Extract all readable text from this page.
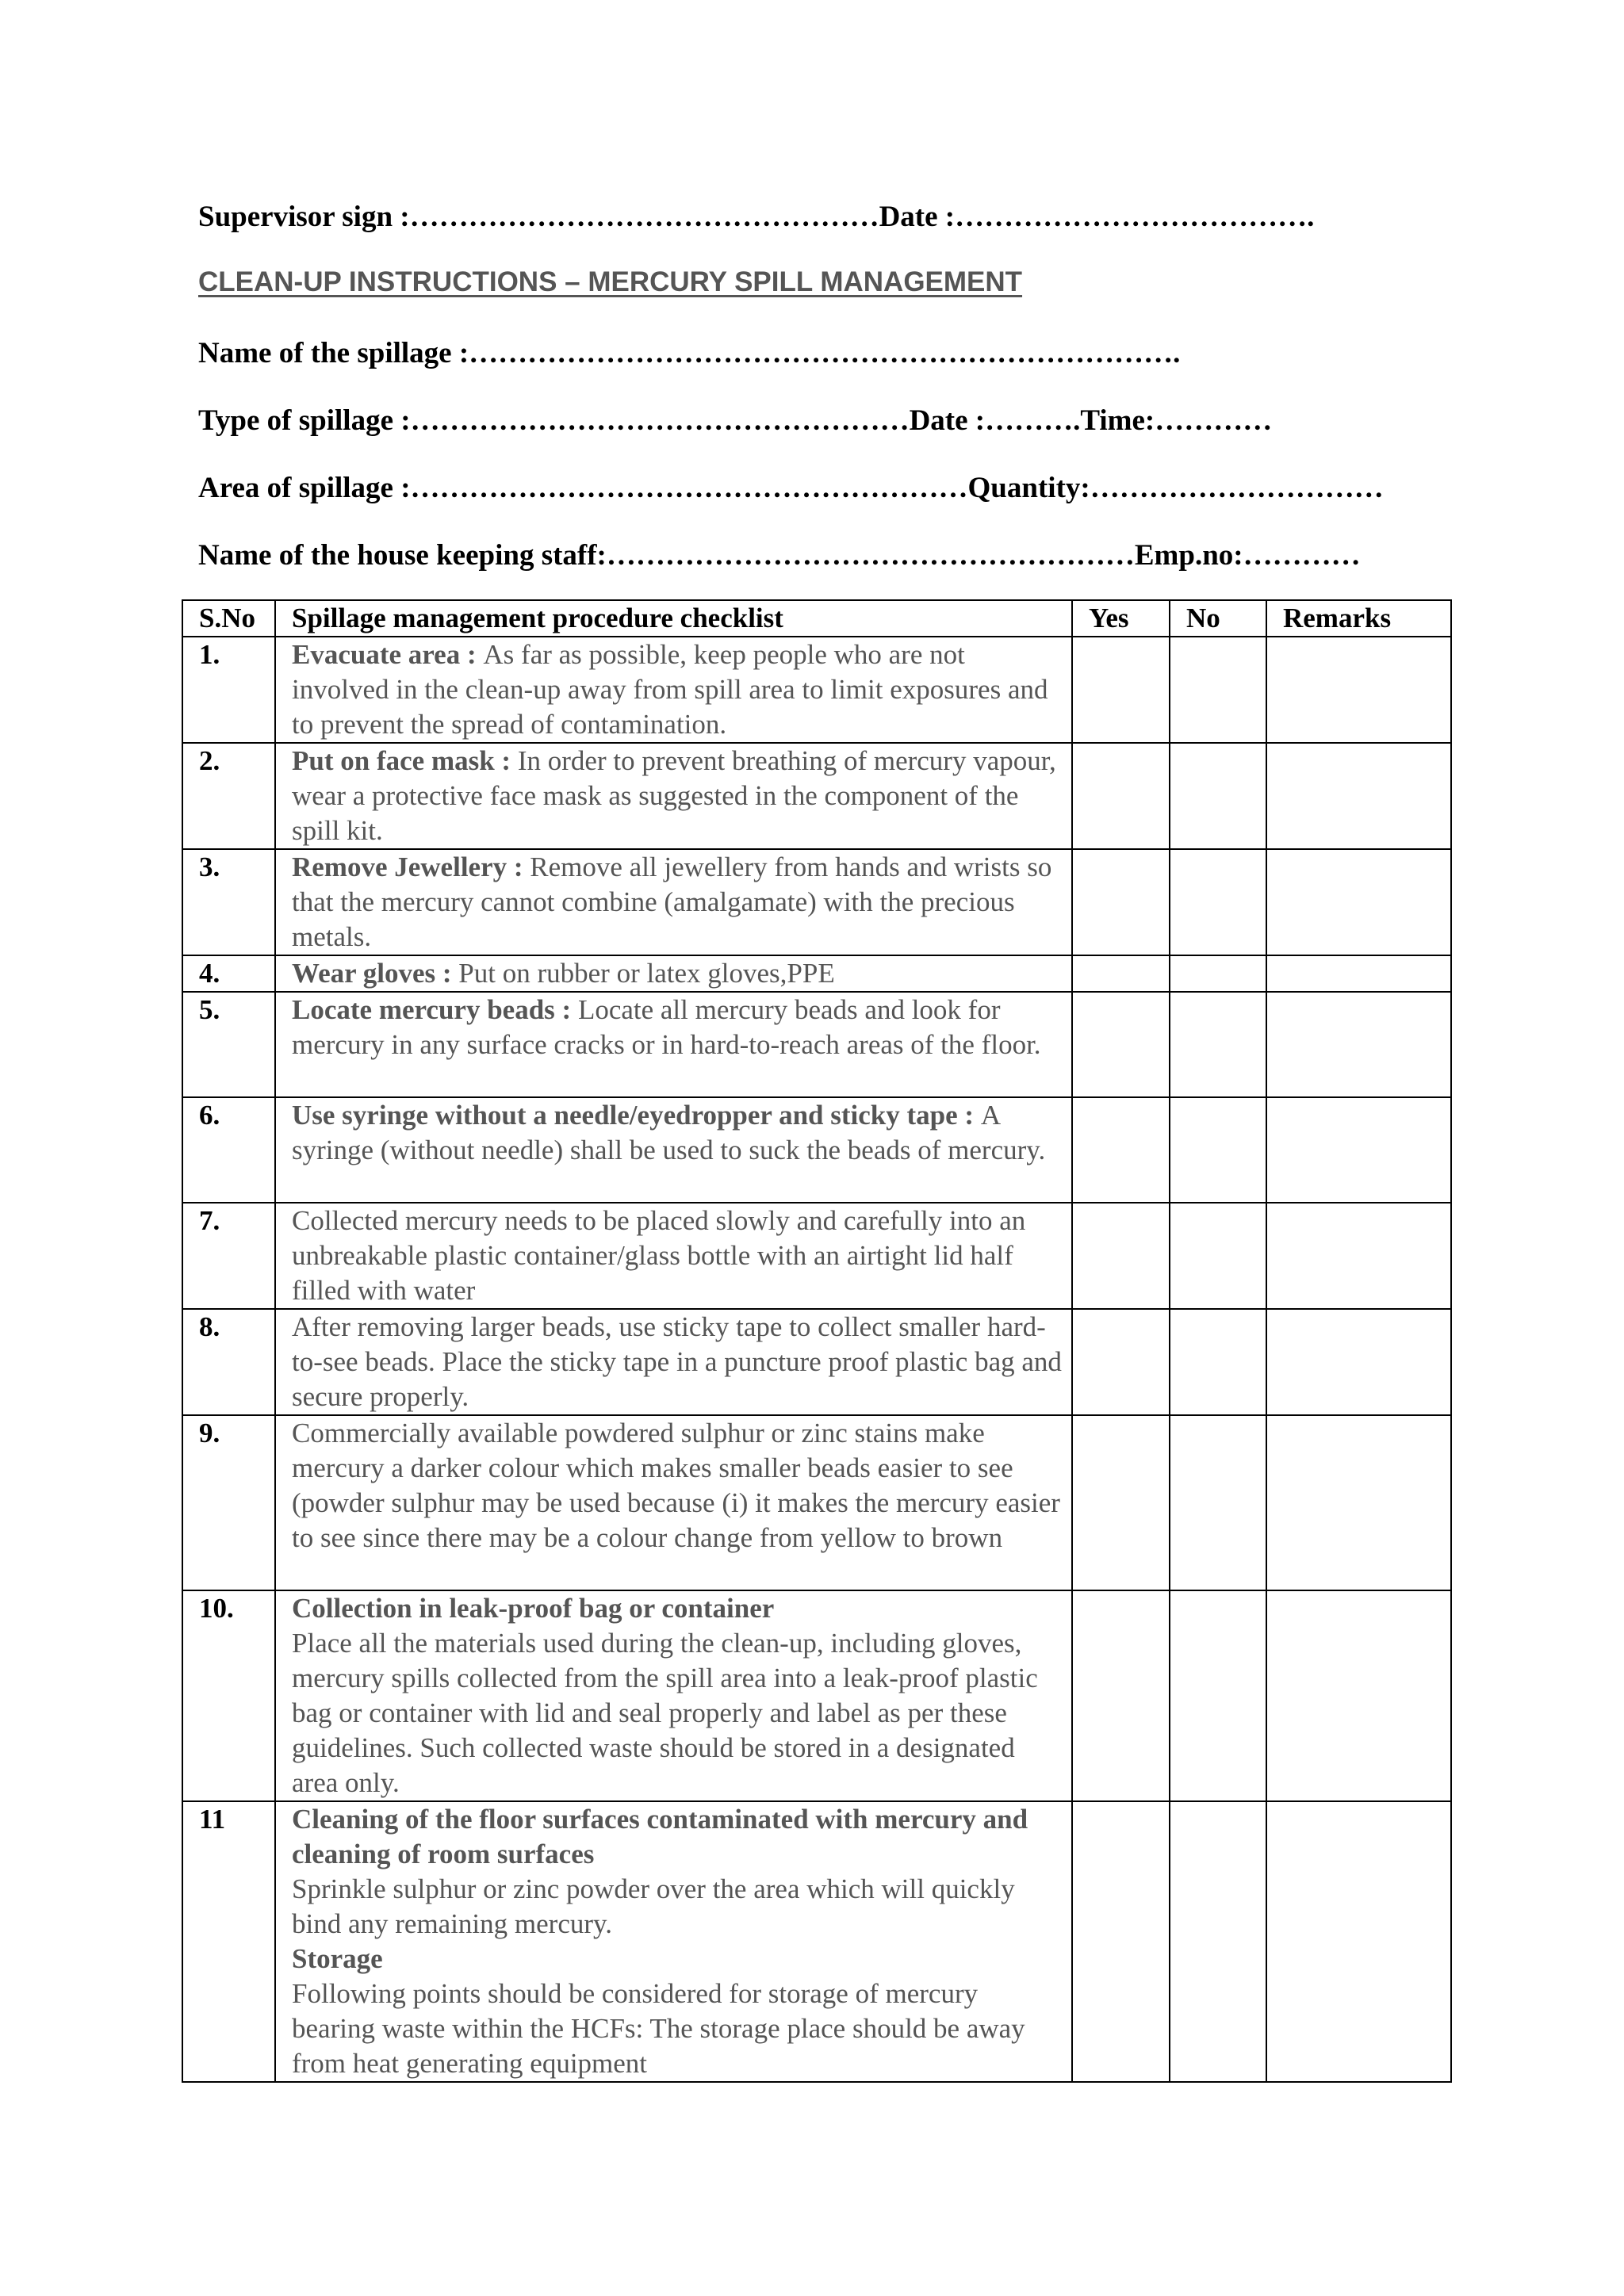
Supervisor sign :…………………………………………Date :……………………………….
CLEAN-UP INSTRUCTIONS – MERCURY SPILL MANAGEMENT
Name of the spillage :……………………………………………………………….
Type of spillage :……………………………………………Date :……….Time:…………
Area of spillage :…………………………………………………Quantity:…………………………
Name of the house keeping staff:………………………………………………Emp.no:…………
S.No	Spillage management procedure checklist	Yes	No	Remarks
1.	Evacuate area : As far as possible, keep people who are not involved in the clean-up away from spill area to limit exposures and to prevent the spread of contamination.			
2.	Put on face mask : In order to prevent breathing of mercury vapour, wear a protective face mask as suggested in the component of the spill kit.			
3.	Remove Jewellery : Remove all jewellery from hands and wrists so that the mercury cannot combine (amalgamate) with the precious metals.			
4.	Wear gloves : Put on rubber or latex gloves,PPE			
5.	Locate mercury beads : Locate all mercury beads and look for mercury in any surface cracks or in hard-to-reach areas of the floor.			
6.	Use syringe without a needle/eyedropper and sticky tape : A syringe (without needle) shall be used to suck the beads of mercury.			
7.	Collected mercury needs to be placed slowly and carefully into an unbreakable plastic container/glass bottle with an airtight lid half filled with water			
8.	After removing larger beads, use sticky tape to collect smaller hard-to-see beads. Place the sticky tape in a puncture proof plastic bag and secure properly.			
9.	Commercially available powdered sulphur or zinc stains make mercury a darker colour which makes smaller beads easier to see (powder sulphur may be used because (i) it makes the mercury easier to see since there may be a colour change from yellow to brown			
10.	Collection in leak-proof bag or container
Place all the materials used during the clean-up, including gloves, mercury spills collected from the spill area into a leak-proof plastic bag or container with lid and seal properly and label as per these guidelines. Such collected waste should be stored in a designated area only.			
11	Cleaning of the floor surfaces contaminated with mercury and cleaning of room surfaces
Sprinkle sulphur or zinc powder over the area which will quickly bind any remaining mercury.
Storage
Following points should be considered for storage of mercury bearing waste within the HCFs: The storage place should be away from heat generating equipment			
